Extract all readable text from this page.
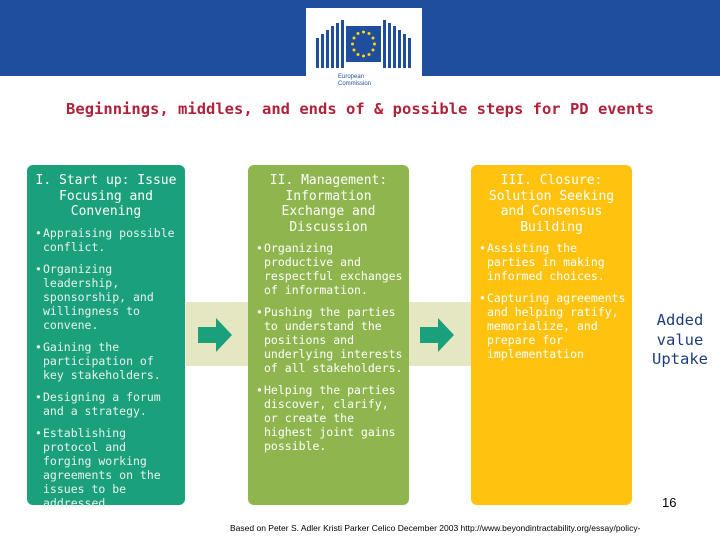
European
Commission
Beginnings, middles, and ends of & possible steps for PD events
I. Start up: Issue Focusing and Convening
• Appraising possible conflict.
• Organizing leadership, sponsorship, and willingness to convene.
• Gaining the participation of key stakeholders.
• Designing a forum and a strategy.
• Establishing protocol and forging working agreements on the issues to be addressed.
II. Management: Information Exchange and Discussion
• Organizing productive and respectful exchanges of information.
• Pushing the parties to understand the positions and underlying interests of all stakeholders.
• Helping the parties discover, clarify, or create the highest joint gains possible.
III. Closure: Solution Seeking and Consensus Building
• Assisting the parties in making informed choices.
• Capturing agreements and helping ratify, memorialize, and prepare for implementation
Added value Uptake
16
Based on Peter S. Adler Kristi Parker Celico December 2003 http://www.beyondintractability.org/essay/policy-
